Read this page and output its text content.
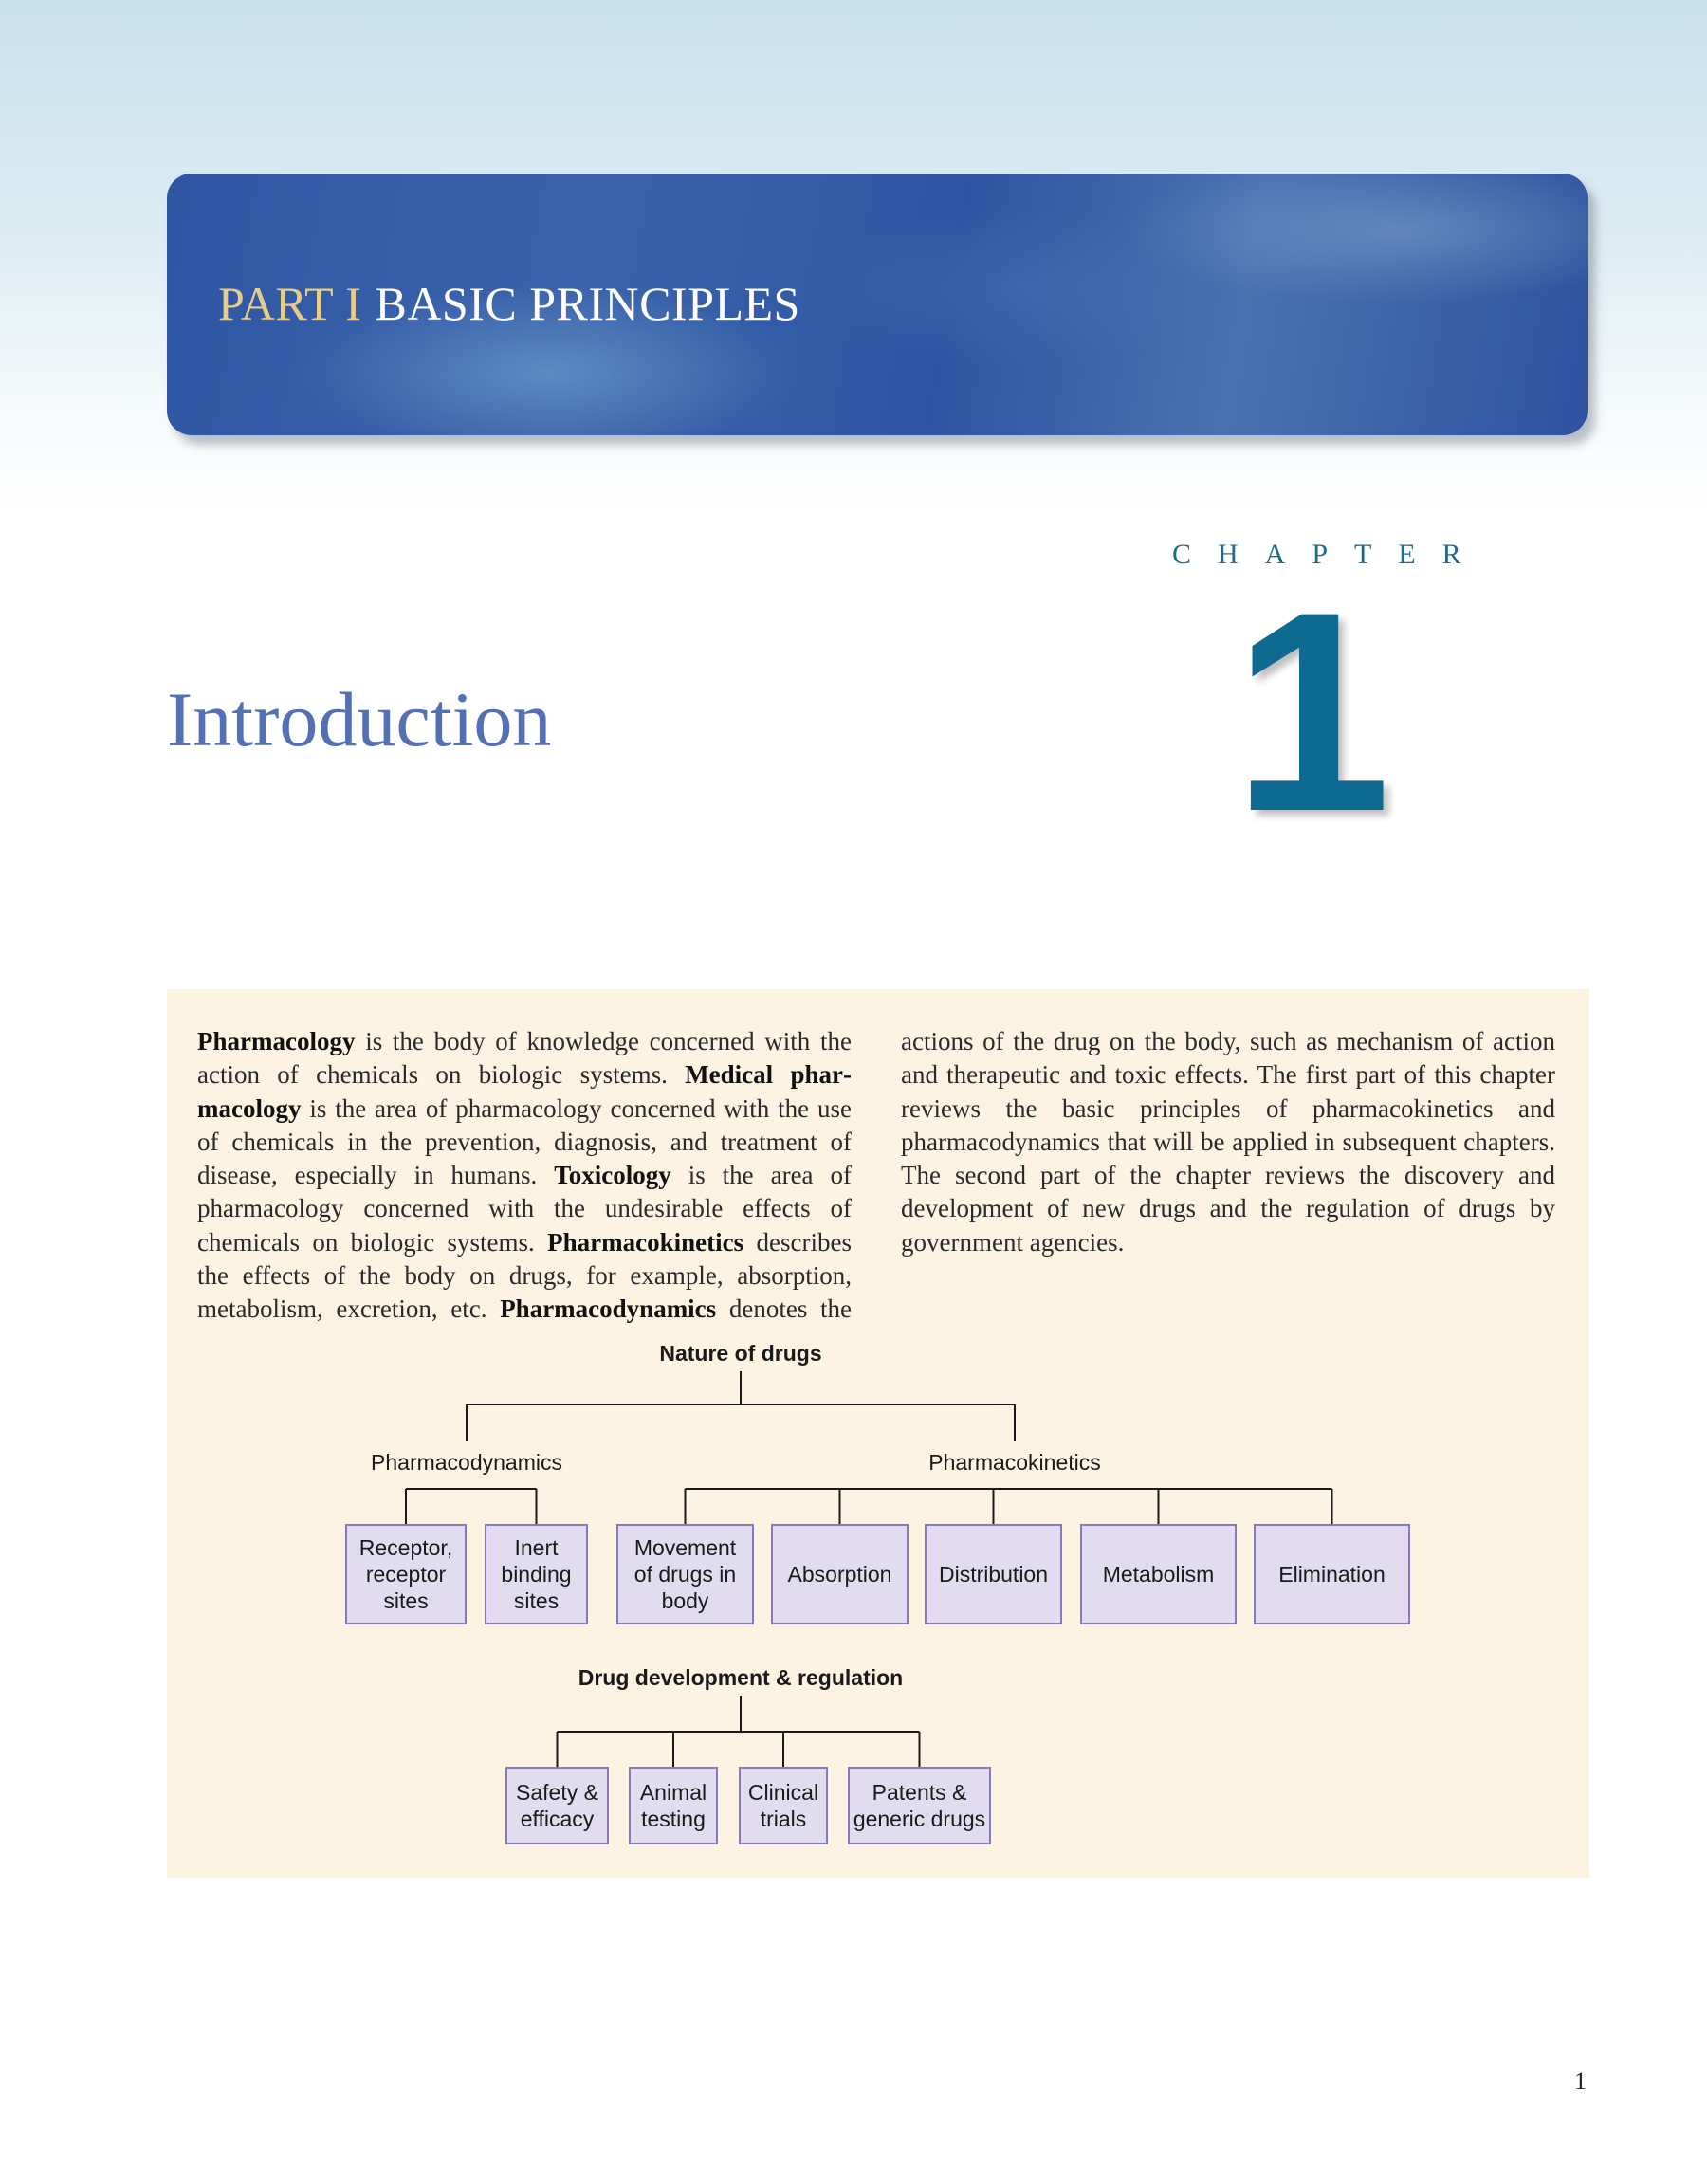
PART I BASIC PRINCIPLES

CHAPTER

1
Introduction

Pharmacology is the body of knowledge concerned with the action of chemicals on biologic systems. Medical pharmacology is the area of pharmacology concerned with the use of chemicals in the prevention, diagnosis, and treatment of disease, especially in humans. Toxicology is the area of pharmacology concerned with the undesirable effects of chemicals on biologic systems. Pharmacokinetics describes the effects of the body on drugs, for example, absorption, metabolism, excretion, etc. Pharmacodynamics denotes the actions of the drug on the body, such as mechanism of action and therapeutic and toxic effects. The first part of this chapter reviews the basic principles of pharmacokinetics and pharmacodynamics that will be applied in subsequent chapters. The second part of the chapter reviews the discovery and development of new drugs and the regulation of drugs by government agencies.

Nature of drugs
Pharmacodynamics	Pharmacokinetics
Receptor,
receptor
sites
Inert
binding
sites
Movement
of drugs in
body
Absorption Distribution	Metabolism	Elimination
Drug development & regulation
Safety &
efficacy
Animal
testing
Clinical
trials
Patents &
generic drugs

1
